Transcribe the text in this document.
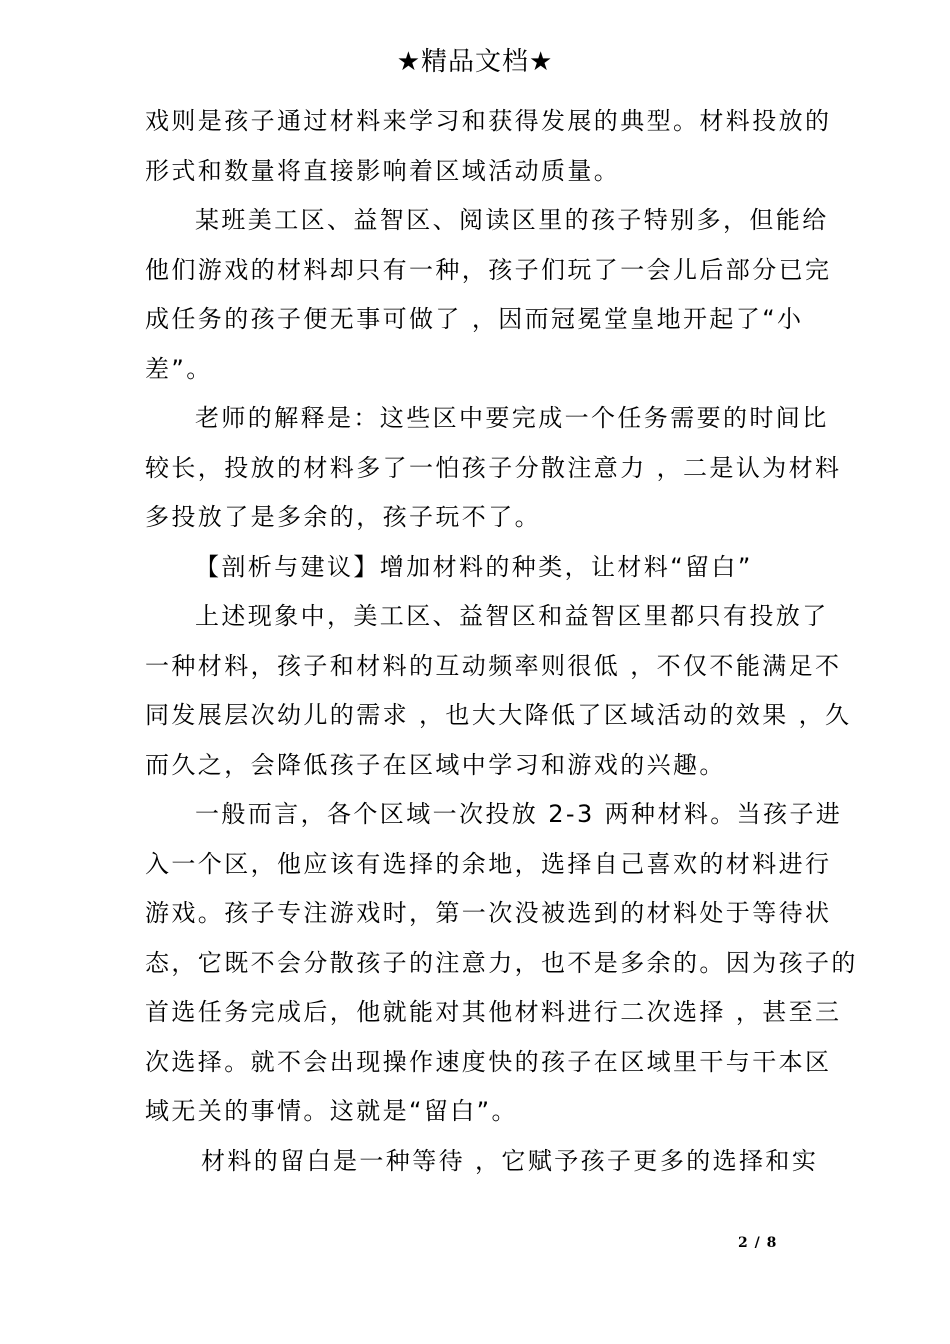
★精品文档★
戏则是孩子通过材料来学习和获得发展的典型。材料投放的
形式和数量将直接影响着区域活动质量。
某班美工区、益智区、阅读区里的孩子特别多，但能给
他们游戏的材料却只有一种，孩子们玩了一会儿后部分已完
成任务的孩子便无事可做了 ，因而冠冕堂皇地开起了“小
差”。
老师的解释是：这些区中要完成一个任务需要的时间比
较长，投放的材料多了一怕孩子分散注意力 ，二是认为材料
多投放了是多余的，孩子玩不了。
【剖析与建议】增加材料的种类，让材料“留白”
上述现象中，美工区、益智区和益智区里都只有投放了
一种材料，孩子和材料的互动频率则很低 ，不仅不能满足不
同发展层次幼儿的需求 ，也大大降低了区域活动的效果 ，久
而久之，会降低孩子在区域中学习和游戏的兴趣。
一般而言，各个区域一次投放 2-3 两种材料。当孩子进
入一个区，他应该有选择的余地，选择自己喜欢的材料进行
游戏。孩子专注游戏时，第一次没被选到的材料处于等待状
态，它既不会分散孩子的注意力，也不是多余的。因为孩子的
首选任务完成后，他就能对其他材料进行二次选择 ，甚至三
次选择。就不会出现操作速度快的孩子在区域里干与干本区
域无关的事情。这就是“留白”。
材料的留白是一种等待 ，它赋予孩子更多的选择和实
2 / 8
